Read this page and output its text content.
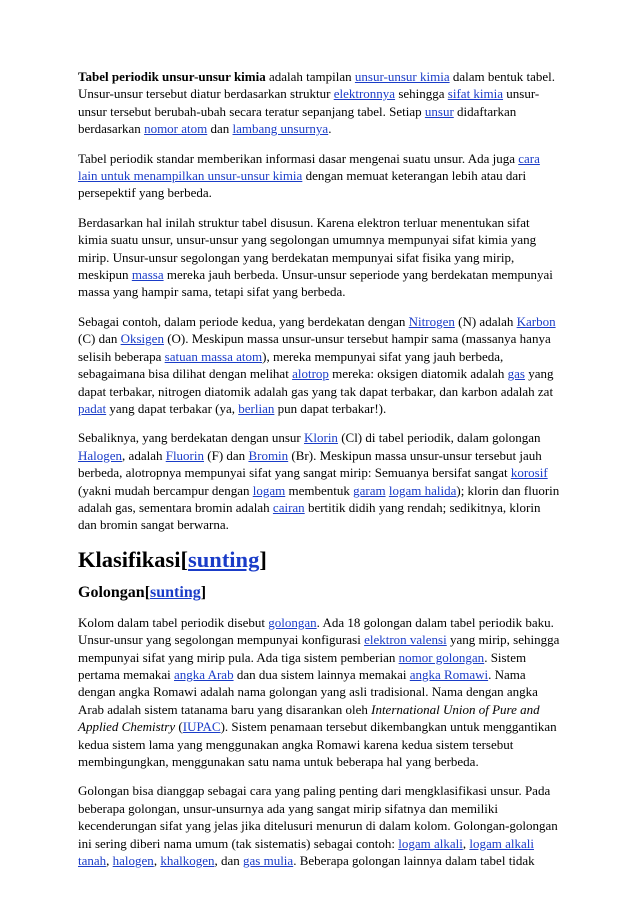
Tabel periodik unsur-unsur kimia adalah tampilan unsur-unsur kimia dalam bentuk tabel. Unsur-unsur tersebut diatur berdasarkan struktur elektronnya sehingga sifat kimia unsur-unsur tersebut berubah-ubah secara teratur sepanjang tabel. Setiap unsur didaftarkan berdasarkan nomor atom dan lambang unsurnya.

Tabel periodik standar memberikan informasi dasar mengenai suatu unsur. Ada juga cara lain untuk menampilkan unsur-unsur kimia dengan memuat keterangan lebih atau dari persepektif yang berbeda.

Berdasarkan hal inilah struktur tabel disusun. Karena elektron terluar menentukan sifat kimia suatu unsur, unsur-unsur yang segolongan umumnya mempunyai sifat kimia yang mirip. Unsur-unsur segolongan yang berdekatan mempunyai sifat fisika yang mirip, meskipun massa mereka jauh berbeda. Unsur-unsur seperiode yang berdekatan mempunyai massa yang hampir sama, tetapi sifat yang berbeda.

Sebagai contoh, dalam periode kedua, yang berdekatan dengan Nitrogen (N) adalah Karbon (C) dan Oksigen (O). Meskipun massa unsur-unsur tersebut hampir sama (massanya hanya selisih beberapa satuan massa atom), mereka mempunyai sifat yang jauh berbeda, sebagaimana bisa dilihat dengan melihat alotrop mereka: oksigen diatomik adalah gas yang dapat terbakar, nitrogen diatomik adalah gas yang tak dapat terbakar, dan karbon adalah zat padat yang dapat terbakar (ya, berlian pun dapat terbakar!).

Sebaliknya, yang berdekatan dengan unsur Klorin (Cl) di tabel periodik, dalam golongan Halogen, adalah Fluorin (F) dan Bromin (Br). Meskipun massa unsur-unsur tersebut jauh berbeda, alotropnya mempunyai sifat yang sangat mirip: Semuanya bersifat sangat korosif (yakni mudah bercampur dengan logam membentuk garam logam halida); klorin dan fluorin adalah gas, sementara bromin adalah cairan bertitik didih yang rendah; sedikitnya, klorin dan bromin sangat berwarna.

Klasifikasi[sunting]
Golongan[sunting]

Kolom dalam tabel periodik disebut golongan. Ada 18 golongan dalam tabel periodik baku. Unsur-unsur yang segolongan mempunyai konfigurasi elektron valensi yang mirip, sehingga mempunyai sifat yang mirip pula. Ada tiga sistem pemberian nomor golongan. Sistem pertama memakai angka Arab dan dua sistem lainnya memakai angka Romawi. Nama dengan angka Romawi adalah nama golongan yang asli tradisional. Nama dengan angka Arab adalah sistem tatanama baru yang disarankan oleh International Union of Pure and Applied Chemistry (IUPAC). Sistem penamaan tersebut dikembangkan untuk menggantikan kedua sistem lama yang menggunakan angka Romawi karena kedua sistem tersebut membingungkan, menggunakan satu nama untuk beberapa hal yang berbeda.

Golongan bisa dianggap sebagai cara yang paling penting dari mengklasifikasi unsur. Pada beberapa golongan, unsur-unsurnya ada yang sangat mirip sifatnya dan memiliki kecenderungan sifat yang jelas jika ditelusuri menurun di dalam kolom. Golongan-golongan ini sering diberi nama umum (tak sistematis) sebagai contoh: logam alkali, logam alkali tanah, halogen, khalkogen, dan gas mulia. Beberapa golongan lainnya dalam tabel tidak
